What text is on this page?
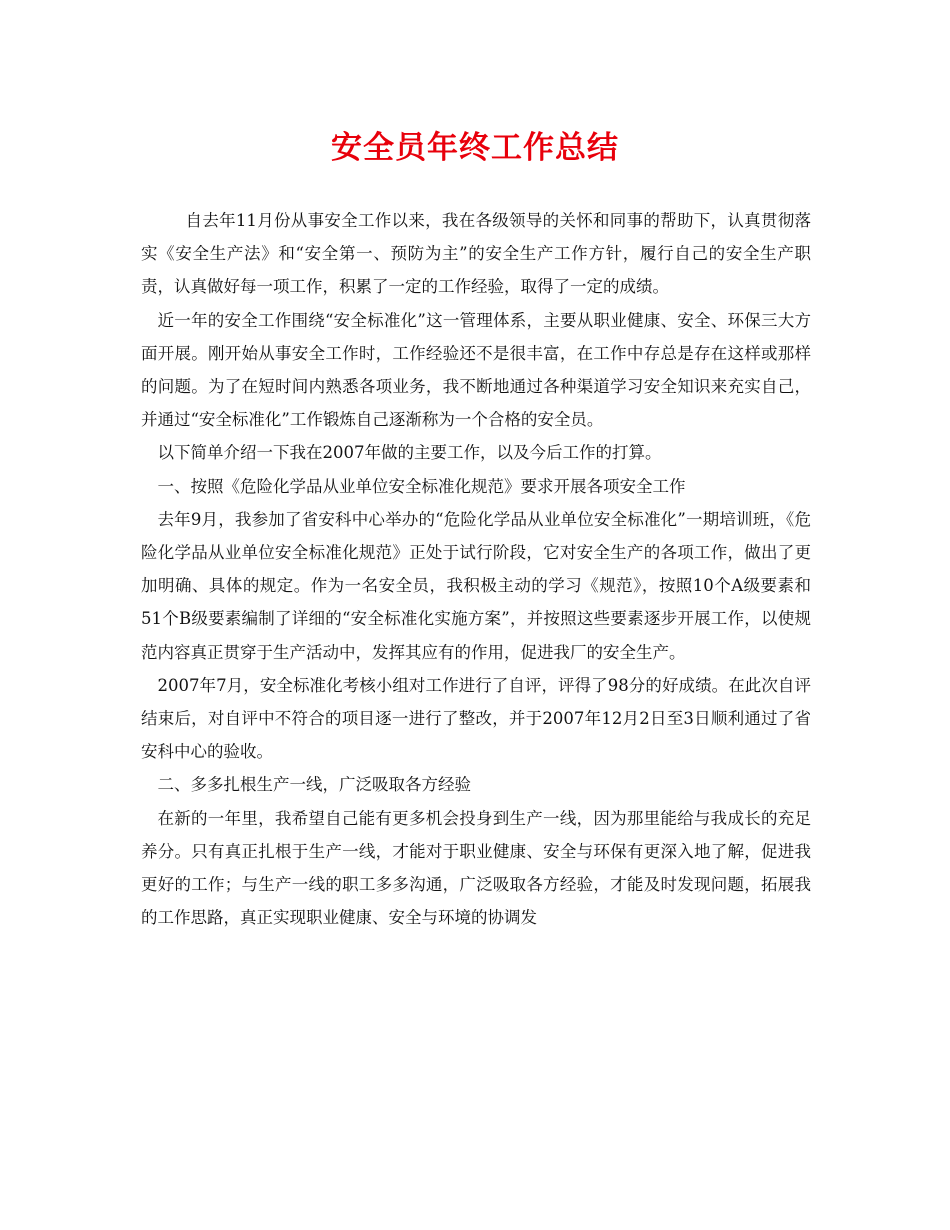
安全员年终工作总结

自去年11月份从事安全工作以来，我在各级领导的关怀和同事的帮助下，认真贯彻落实《安全生产法》和“安全第一、预防为主”的安全生产工作方针，履行自己的安全生产职责，认真做好每一项工作，积累了一定的工作经验，取得了一定的成绩。

近一年的安全工作围绕“安全标准化”这一管理体系，主要从职业健康、安全、环保三大方面开展。刚开始从事安全工作时，工作经验还不是很丰富，在工作中存总是存在这样或那样的问题。为了在短时间内熟悉各项业务，我不断地通过各种渠道学习安全知识来充实自己，并通过“安全标准化”工作锻炼自己逐渐称为一个合格的安全员。

以下简单介绍一下我在2007年做的主要工作，以及今后工作的打算。

一、按照《危险化学品从业单位安全标准化规范》要求开展各项安全工作

去年9月，我参加了省安科中心举办的“危险化学品从业单位安全标准化”一期培训班，《危险化学品从业单位安全标准化规范》正处于试行阶段，它对安全生产的各项工作，做出了更加明确、具体的规定。作为一名安全员，我积极主动的学习《规范》，按照10个A级要素和51个B级要素编制了详细的“安全标准化实施方案”，并按照这些要素逐步开展工作，以使规范内容真正贯穿于生产活动中，发挥其应有的作用，促进我厂的安全生产。

2007年7月，安全标准化考核小组对工作进行了自评，评得了98分的好成绩。在此次自评结束后，对自评中不符合的项目逐一进行了整改，并于2007年12月2日至3日顺利通过了省安科中心的验收。

二、多多扎根生产一线，广泛吸取各方经验

在新的一年里，我希望自己能有更多机会投身到生产一线，因为那里能给与我成长的充足养分。只有真正扎根于生产一线，才能对于职业健康、安全与环保有更深入地了解，促进我更好的工作；与生产一线的职工多多沟通，广泛吸取各方经验，才能及时发现问题，拓展我的工作思路，真正实现职业健康、安全与环境的协调发
